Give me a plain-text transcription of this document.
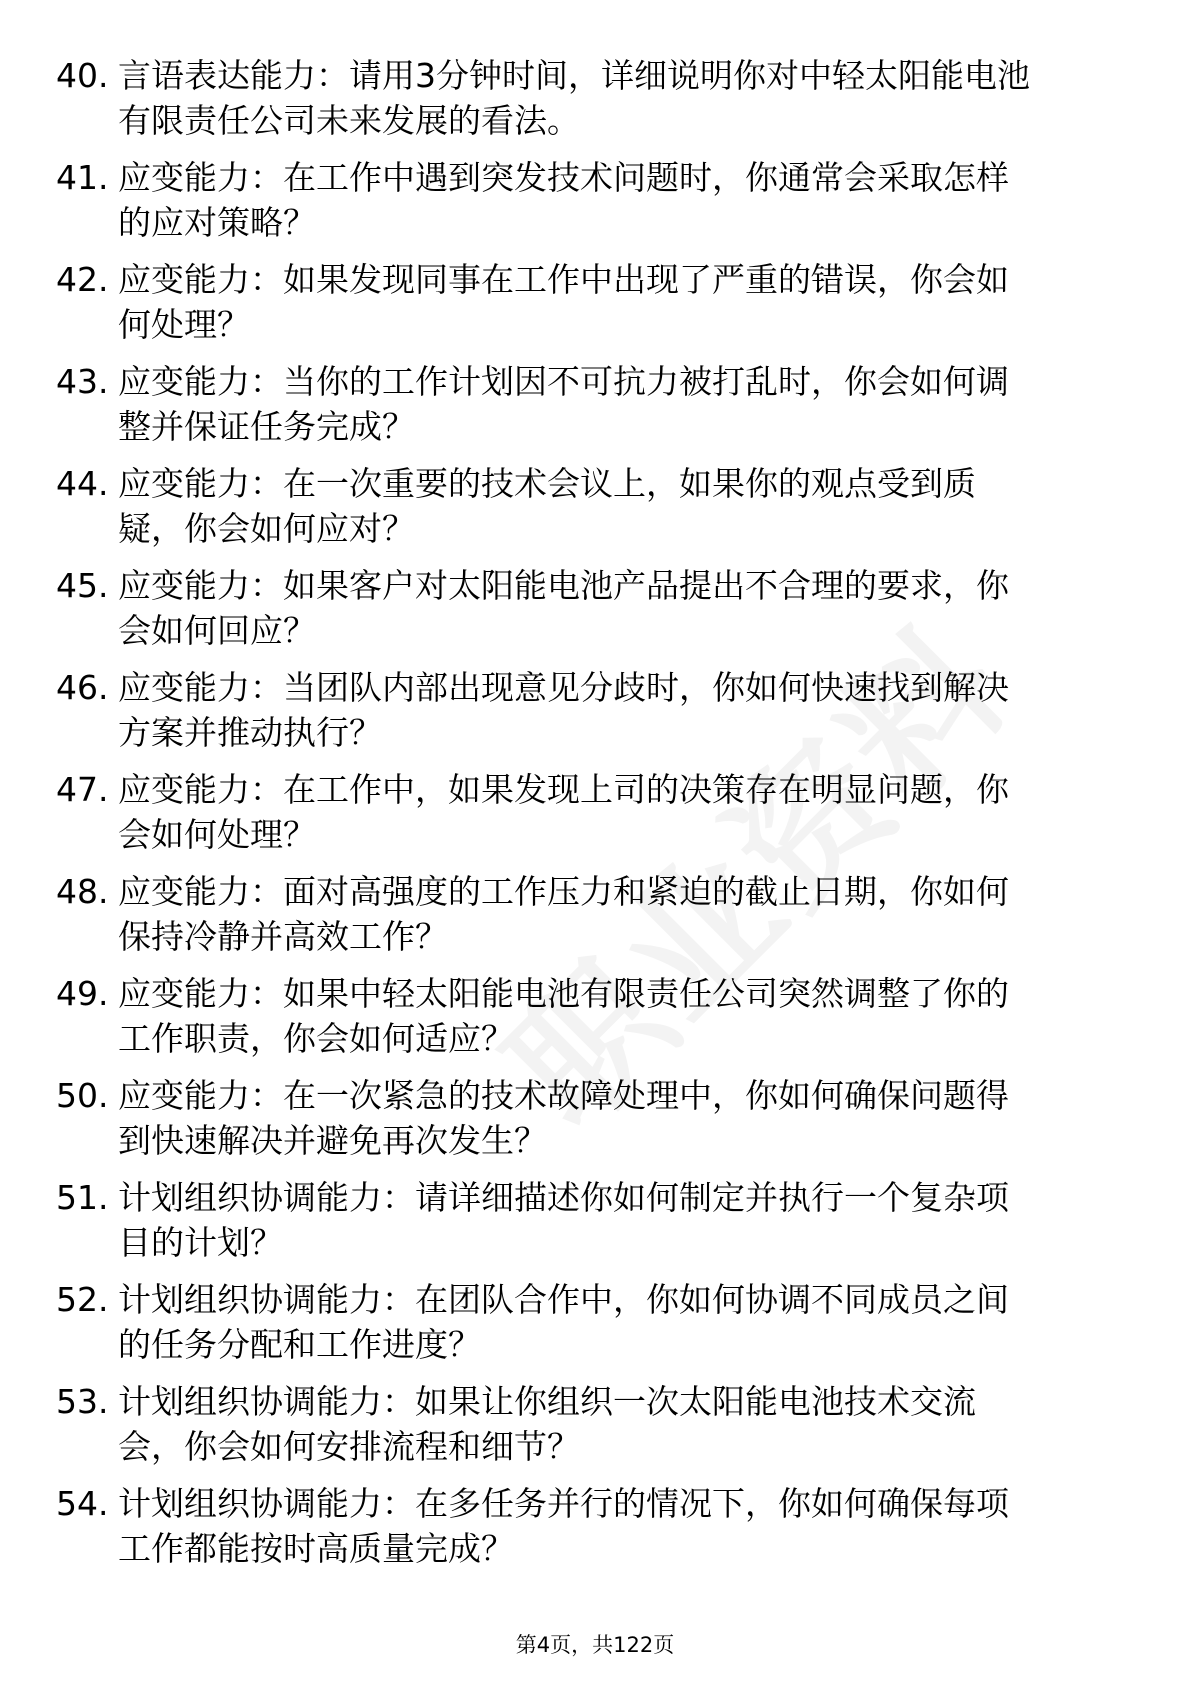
40. 言语表达能力：请用3分钟时间，详细说明你对中轻太阳能电池有限责任公司未来发展的看法。
41. 应变能力：在工作中遇到突发技术问题时，你通常会采取怎样的应对策略？
42. 应变能力：如果发现同事在工作中出现了严重的错误，你会如何处理？
43. 应变能力：当你的工作计划因不可抗力被打乱时，你会如何调整并保证任务完成？
44. 应变能力：在一次重要的技术会议上，如果你的观点受到质疑，你会如何应对？
45. 应变能力：如果客户对太阳能电池产品提出不合理的要求，你会如何回应？
46. 应变能力：当团队内部出现意见分歧时，你如何快速找到解决方案并推动执行？
47. 应变能力：在工作中，如果发现上司的决策存在明显问题，你会如何处理？
48. 应变能力：面对高强度的工作压力和紧迫的截止日期，你如何保持冷静并高效工作？
49. 应变能力：如果中轻太阳能电池有限责任公司突然调整了你的工作职责，你会如何适应？
50. 应变能力：在一次紧急的技术故障处理中，你如何确保问题得到快速解决并避免再次发生？
51. 计划组织协调能力：请详细描述你如何制定并执行一个复杂项目的计划？
52. 计划组织协调能力：在团队合作中，你如何协调不同成员之间的任务分配和工作进度？
53. 计划组织协调能力：如果让你组织一次太阳能电池技术交流会，你会如何安排流程和细节？
54. 计划组织协调能力：在多任务并行的情况下，你如何确保每项工作都能按时高质量完成？
第4页，共122页
